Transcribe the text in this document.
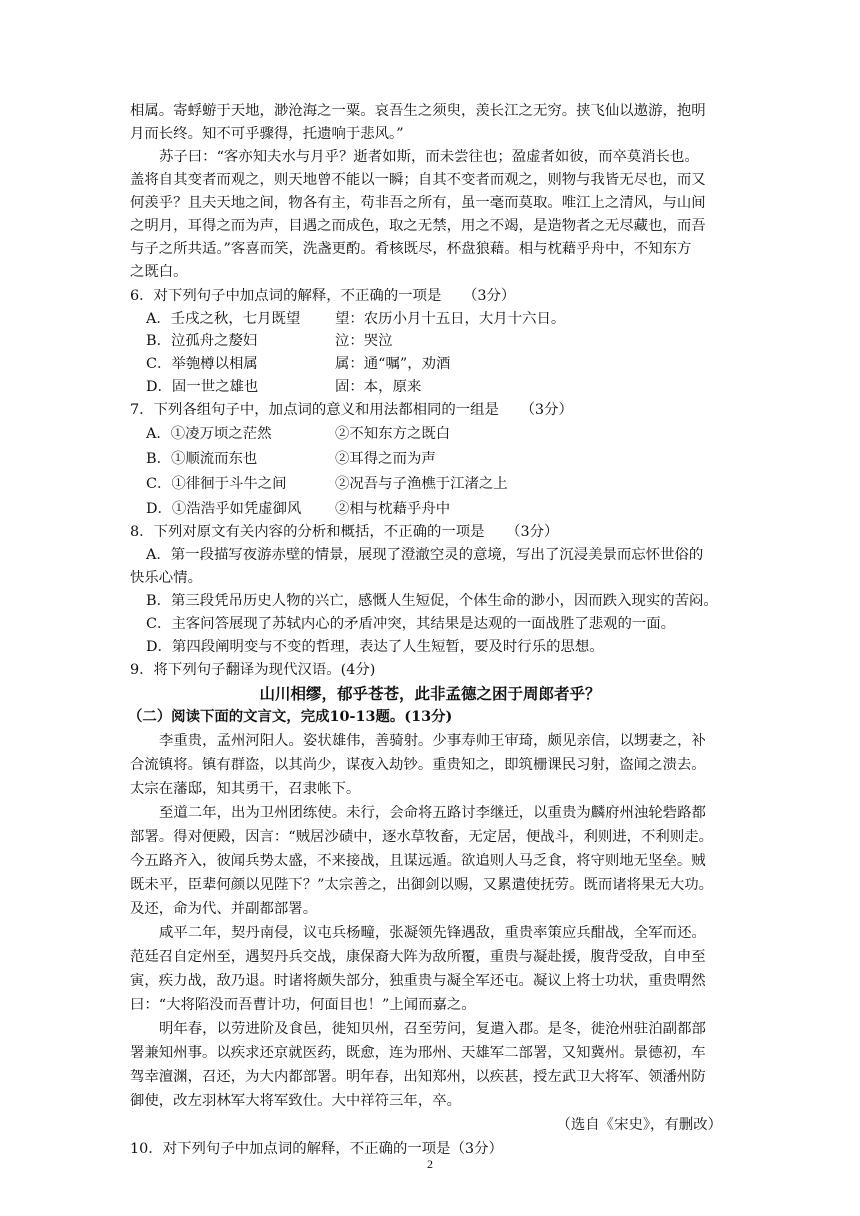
相属。寄蜉蝣于天地，渺沧海之一粟。哀吾生之须臾，羡长江之无穷。挟飞仙以遨游，抱明
月而长终。知不可乎骤得，托遗响于悲风。”
苏子曰：“客亦知夫水与月乎？逝者如斯，而未尝往也；盈虚者如彼，而卒莫消长也。
盖将自其变者而观之，则天地曾不能以一瞬；自其不变者而观之，则物与我皆无尽也，而又
何羡乎？且夫天地之间，物各有主，苟非吾之所有，虽一毫而莫取。唯江上之清风，与山间
之明月，耳得之而为声，目遇之而成色，取之无禁，用之不竭，是造物者之无尽藏也，而吾
与子之所共适。”客喜而笑，洗盏更酌。肴核既尽，杯盘狼藉。相与枕藉乎舟中，不知东方
之既白。
6．对下列句子中加点词的解释，不正确的一项是　　（3分）
A．壬戌之秋，七月既望 望：农历小月十五日，大月十六日。
B．泣孤舟之嫠妇	泣：哭泣
C．举匏樽以相属	属：通“嘱”，劝酒
D．固一世之雄也	固：本，原来
7．下列各组句子中，加点词的意义和用法都相同的一组是　　（3分）
A．①凌万顷之茫然	②不知东方之既白
B．①顺流而东也	②耳得之而为声
C．①徘徊于斗牛之间	②况吾与子渔樵于江渚之上
D．①浩浩乎如凭虚御风 ②相与枕藉乎舟中
8．下列对原文有关内容的分析和概括，不正确的一项是　　（3分）
A．第一段描写夜游赤壁的情景，展现了澄澈空灵的意境，写出了沉浸美景而忘怀世俗的
快乐心情。
B．第三段凭吊历史人物的兴亡，感慨人生短促，个体生命的渺小，因而跌入现实的苦闷。
C．主客问答展现了苏轼内心的矛盾冲突，其结果是达观的一面战胜了悲观的一面。
D．第四段阐明变与不变的哲理，表达了人生短暂，要及时行乐的思想。
9．将下列句子翻译为现代汉语。(4分)
山川相缪，郁乎苍苍，此非孟德之困于周郎者乎？
（二）阅读下面的文言文，完成10-13题。(13分)
李重贵，孟州河阳人。姿状雄伟，善骑射。少事寿帅王审琦，颇见亲信，以甥妻之，补
合流镇将。镇有群盗，以其尚少，谋夜入劫钞。重贵知之，即筑栅课民习射，盗闻之溃去。
太宗在藩邸，知其勇干，召隶帐下。
至道二年，出为卫州团练使。未行，会命将五路讨李继迁，以重贵为麟府州浊轮砦路都
部署。得对便殿，因言：“贼居沙碛中，逐水草牧畜，无定居，便战斗，利则进，不利则走。
今五路齐入，彼闻兵势太盛，不来接战，且谋远遁。欲追则人马乏食，将守则地无坚垒。贼
既未平，臣辈何颜以见陛下？”太宗善之，出御剑以赐，又累遣使抚劳。既而诸将果无大功。
及还，命为代、并副都部署。
咸平二年，契丹南侵，议屯兵杨疃，张凝领先锋遇敌，重贵率策应兵酣战，全军而还。
范廷召自定州至，遇契丹兵交战，康保裔大阵为敌所覆，重贵与凝赴援，腹背受敌，自申至
寅，疾力战，敌乃退。时诸将颇失部分，独重贵与凝全军还屯。凝议上将士功状，重贵喟然
曰：“大将陷没而吾曹计功，何面目也！”上闻而嘉之。
明年春，以劳进阶及食邑，徙知贝州，召至劳问，复遣入郡。是冬，徙沧州驻泊副都部
署兼知州事。以疾求还京就医药，既愈，连为邢州、天雄军二部署，又知冀州。景德初，车
驾幸澶渊，召还，为大内都部署。明年春，出知郑州，以疾甚，授左武卫大将军、领潘州防
御使，改左羽林军大将军致仕。大中祥符三年，卒。
（选自《宋史》，有删改）
10．对下列句子中加点词的解释，不正确的一项是（3分）
2
